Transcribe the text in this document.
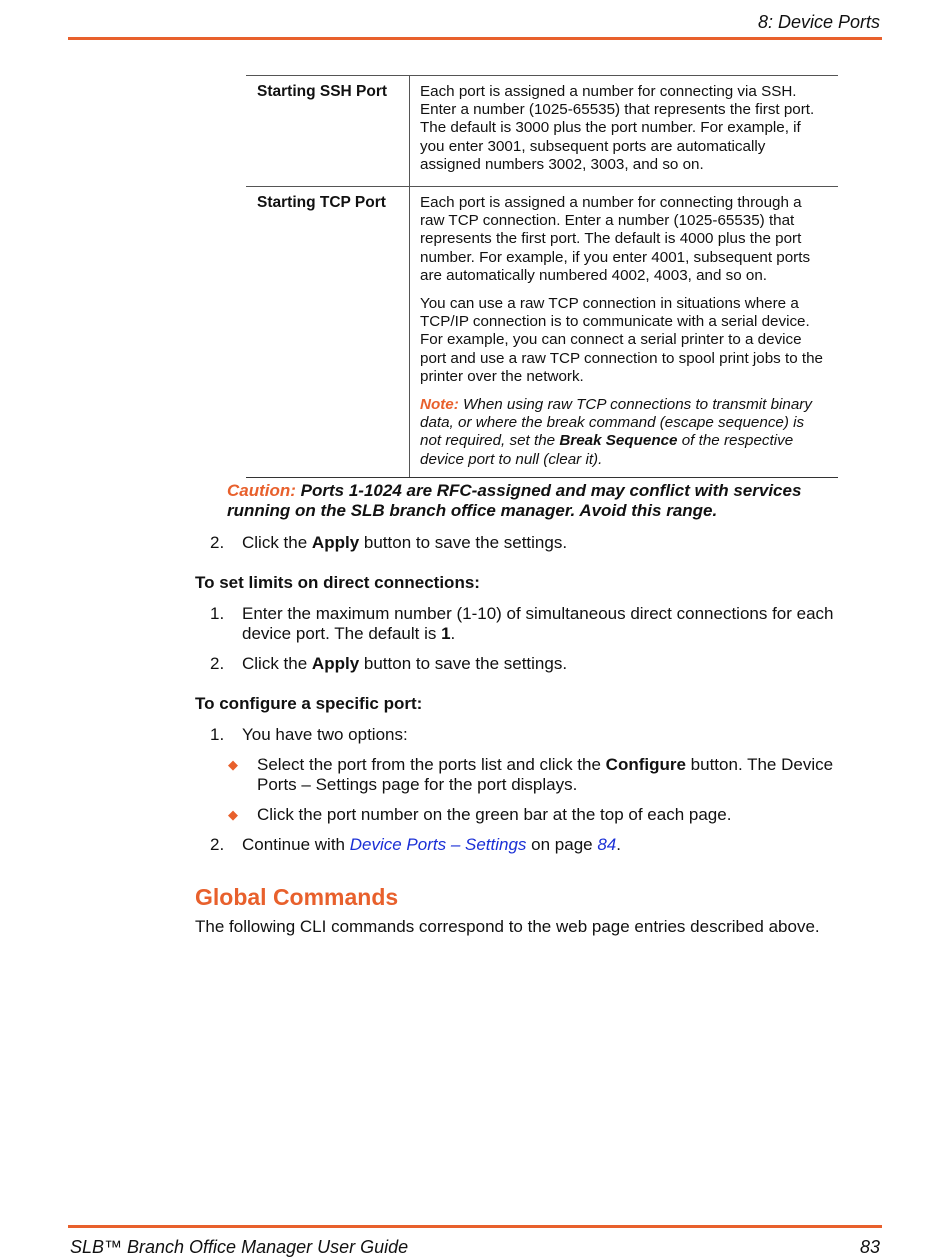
8: Device Ports
Starting SSH Port	Each port is assigned a number for connecting via SSH. Enter a number (1025-65535) that represents the first port. The default is 3000 plus the port number. For example, if you enter 3001, subsequent ports are automatically assigned numbers 3002, 3003, and so on.

Starting TCP Port	Each port is assigned a number for connecting through a raw TCP connection. Enter a number (1025-65535) that represents the first port. The default is 4000 plus the port number. For example, if you enter 4001, subsequent ports are automatically numbered 4002, 4003, and so on.

You can use a raw TCP connection in situations where a TCP/IP connection is to communicate with a serial device. For example, you can connect a serial printer to a device port and use a raw TCP connection to spool print jobs to the printer over the network.

Note: When using raw TCP connections to transmit binary data, or where the break command (escape sequence) is not required, set the Break Sequence of the respective device port to null (clear it).

Caution: Ports 1-1024 are RFC-assigned and may conflict with services running on the SLB branch office manager. Avoid this range.
2. Click the Apply button to save the settings.
To set limits on direct connections:
1. Enter the maximum number (1-10) of simultaneous direct connections for each device port. The default is 1.
2. Click the Apply button to save the settings.
To configure a specific port:
1. You have two options:
◆ Select the port from the ports list and click the Configure button. The Device Ports – Settings page for the port displays.
◆ Click the port number on the green bar at the top of each page.
2. Continue with Device Ports – Settings on page 84.
Global Commands
The following CLI commands correspond to the web page entries described above.
SLB™ Branch Office Manager User Guide	83
